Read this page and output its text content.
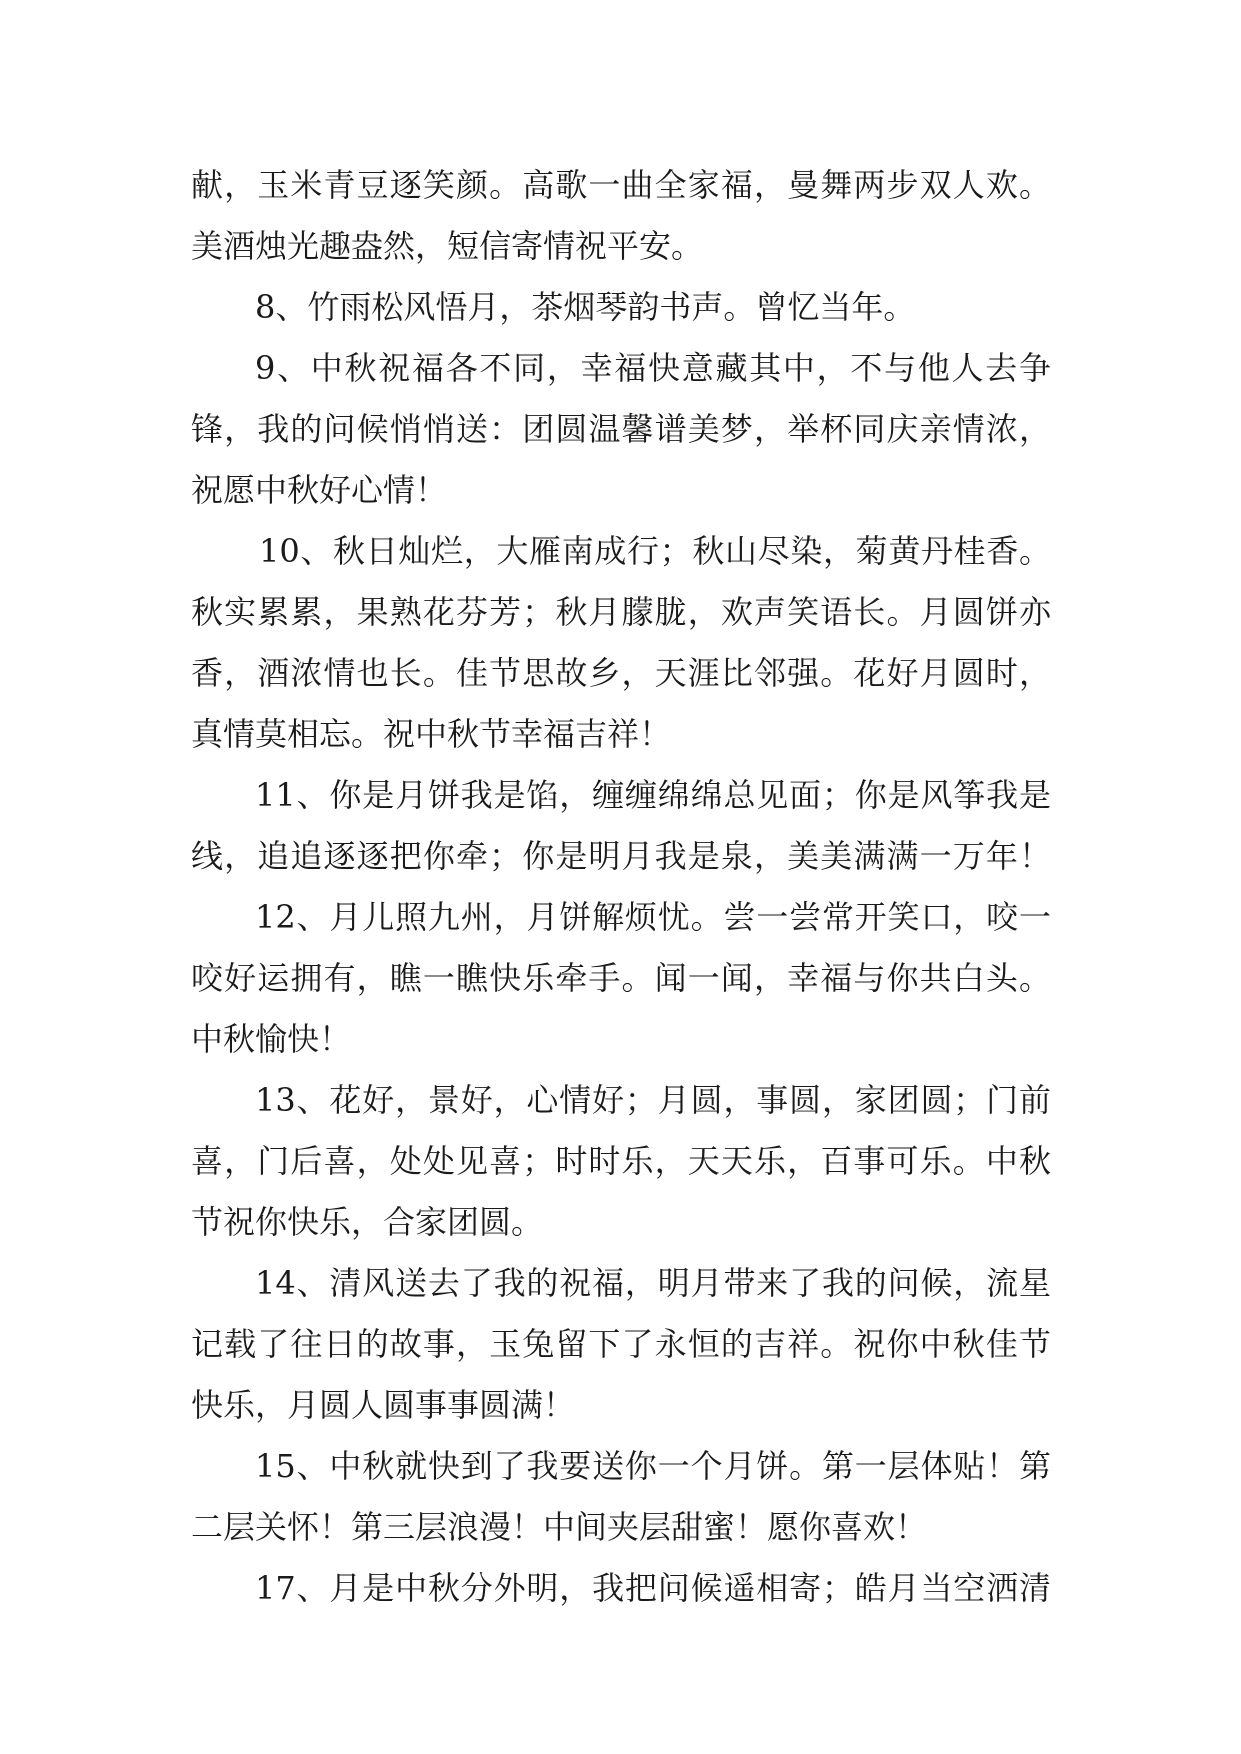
献，玉米青豆逐笑颜。高歌一曲全家福，曼舞两步双人欢。
美酒烛光趣盎然，短信寄情祝平安。
8、竹雨松风悟月，茶烟琴韵书声。曾忆当年。
9、中秋祝福各不同，幸福快意藏其中，不与他人去争
锋，我的问候悄悄送：团圆温馨谱美梦，举杯同庆亲情浓，
祝愿中秋好心情！
10、秋日灿烂，大雁南成行；秋山尽染，菊黄丹桂香。
秋实累累，果熟花芬芳；秋月朦胧，欢声笑语长。月圆饼亦
香，酒浓情也长。佳节思故乡，天涯比邻强。花好月圆时，
真情莫相忘。祝中秋节幸福吉祥！
11、你是月饼我是馅，缠缠绵绵总见面；你是风筝我是
线，追追逐逐把你牵；你是明月我是泉，美美满满一万年！
12、月儿照九州，月饼解烦忧。尝一尝常开笑口，咬一
咬好运拥有，瞧一瞧快乐牵手。闻一闻，幸福与你共白头。
中秋愉快！
13、花好，景好，心情好；月圆，事圆，家团圆；门前
喜，门后喜，处处见喜；时时乐，天天乐，百事可乐。中秋
节祝你快乐，合家团圆。
14、清风送去了我的祝福，明月带来了我的问候，流星
记载了往日的故事，玉兔留下了永恒的吉祥。祝你中秋佳节
快乐，月圆人圆事事圆满！
15、中秋就快到了我要送你一个月饼。第一层体贴！第
二层关怀！第三层浪漫！中间夹层甜蜜！愿你喜欢！
17、月是中秋分外明，我把问候遥相寄；皓月当空洒清
